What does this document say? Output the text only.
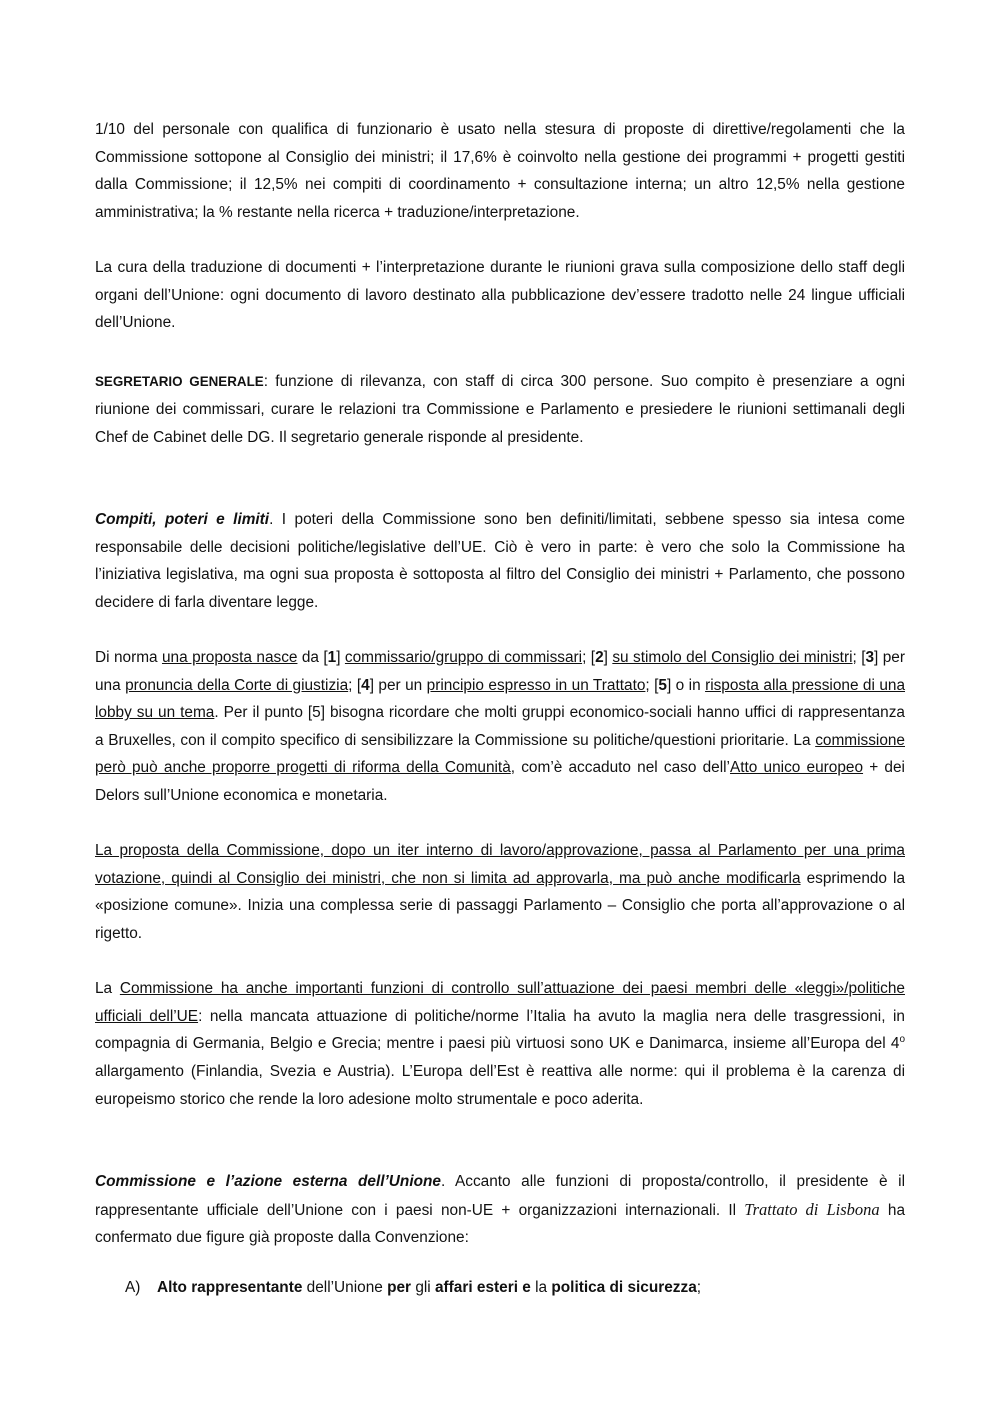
1/10 del personale con qualifica di funzionario è usato nella stesura di proposte di direttive/regolamenti che la Commissione sottopone al Consiglio dei ministri; il 17,6% è coinvolto nella gestione dei programmi + progetti gestiti dalla Commissione; il 12,5% nei compiti di coordinamento + consultazione interna; un altro 12,5% nella gestione amministrativa; la % restante nella ricerca + traduzione/interpretazione.

La cura della traduzione di documenti + l’interpretazione durante le riunioni grava sulla composizione dello staff degli organi dell’Unione: ogni documento di lavoro destinato alla pubblicazione dev’essere tradotto nelle 24 lingue ufficiali dell’Unione.

SEGRETARIO GENERALE: funzione di rilevanza, con staff di circa 300 persone. Suo compito è presenziare a ogni riunione dei commissari, curare le relazioni tra Commissione e Parlamento e presiedere le riunioni settimanali degli Chef de Cabinet delle DG. Il segretario generale risponde al presidente.

Compiti, poteri e limiti. I poteri della Commissione sono ben definiti/limitati, sebbene spesso sia intesa come responsabile delle decisioni politiche/legislative dell’UE. Ciò è vero in parte: è vero che solo la Commissione ha l’iniziativa legislativa, ma ogni sua proposta è sottoposta al filtro del Consiglio dei ministri + Parlamento, che possono decidere di farla diventare legge.

Di norma una proposta nasce da [1] commissario/gruppo di commissari; [2] su stimolo del Consiglio dei ministri; [3] per una pronuncia della Corte di giustizia; [4] per un principio espresso in un Trattato; [5] o in risposta alla pressione di una lobby su un tema. Per il punto [5] bisogna ricordare che molti gruppi economico-sociali hanno uffici di rappresentanza a Bruxelles, con il compito specifico di sensibilizzare la Commissione su politiche/questioni prioritarie. La commissione però può anche proporre progetti di riforma della Comunità, com’è accaduto nel caso dell’Atto unico europeo + dei Delors sull’Unione economica e monetaria.

La proposta della Commissione, dopo un iter interno di lavoro/approvazione, passa al Parlamento per una prima votazione, quindi al Consiglio dei ministri, che non si limita ad approvarla, ma può anche modificarla esprimendo la «posizione comune». Inizia una complessa serie di passaggi Parlamento – Consiglio che porta all’approvazione o al rigetto.

La Commissione ha anche importanti funzioni di controllo sull’attuazione dei paesi membri delle «leggi»/politiche ufficiali dell’UE: nella mancata attuazione di politiche/norme l’Italia ha avuto la maglia nera delle trasgressioni, in compagnia di Germania, Belgio e Grecia; mentre i paesi più virtuosi sono UK e Danimarca, insieme all’Europa del 4$^o$ allargamento (Finlandia, Svezia e Austria). L’Europa dell’Est è reattiva alle norme: qui il problema è la carenza di europeismo storico che rende la loro adesione molto strumentale e poco aderita.

Commissione e l’azione esterna dell’Unione. Accanto alle funzioni di proposta/controllo, il presidente è il rappresentante ufficiale dell’Unione con i paesi non-UE + organizzazioni internazionali. Il Trattato di Lisbona ha confermato due figure già proposte dalla Convenzione:

A)	Alto rappresentante dell’Unione per gli affari esteri e la politica di sicurezza;
